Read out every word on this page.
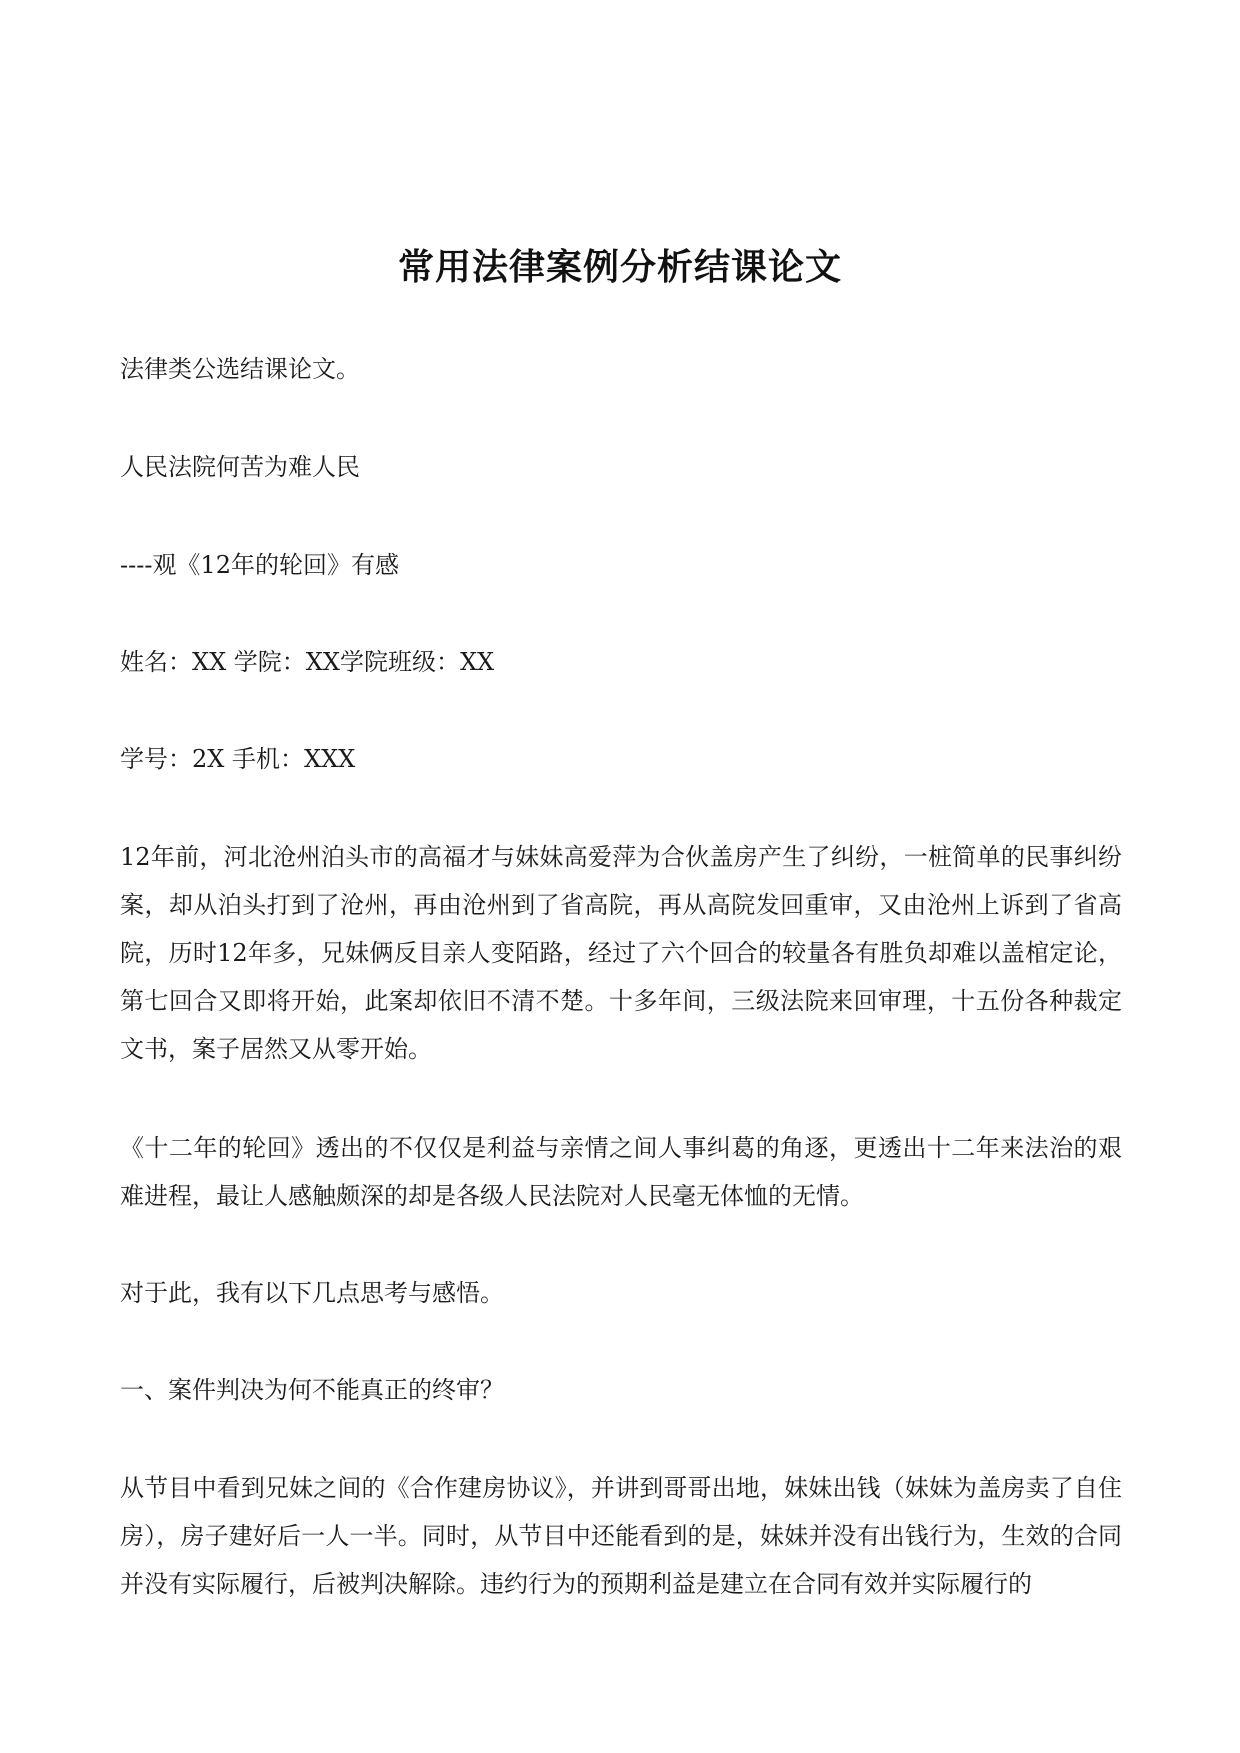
常用法律案例分析结课论文

法律类公选结课论文。

人民法院何苦为难人民

----观《12年的轮回》有感

姓名：XX 学院：XX学院班级：XX

学号：2X 手机：XXX

12年前，河北沧州泊头市的高福才与妹妹高爱萍为合伙盖房产生了纠纷，一桩简单的民事纠纷案，却从泊头打到了沧州，再由沧州到了省高院，再从高院发回重审，又由沧州上诉到了省高院，历时12年多，兄妹俩反目亲人变陌路，经过了六个回合的较量各有胜负却难以盖棺定论，第七回合又即将开始，此案却依旧不清不楚。十多年间，三级法院来回审理，十五份各种裁定文书，案子居然又从零开始。

《十二年的轮回》透出的不仅仅是利益与亲情之间人事纠葛的角逐，更透出十二年来法治的艰难进程，最让人感触颇深的却是各级人民法院对人民毫无体恤的无情。

对于此，我有以下几点思考与感悟。

一、案件判决为何不能真正的终审？

从节目中看到兄妹之间的《合作建房协议》，并讲到哥哥出地，妹妹出钱（妹妹为盖房卖了自住房），房子建好后一人一半。同时，从节目中还能看到的是，妹妹并没有出钱行为，生效的合同并没有实际履行，后被判决解除。违约行为的预期利益是建立在合同有效并实际履行的
